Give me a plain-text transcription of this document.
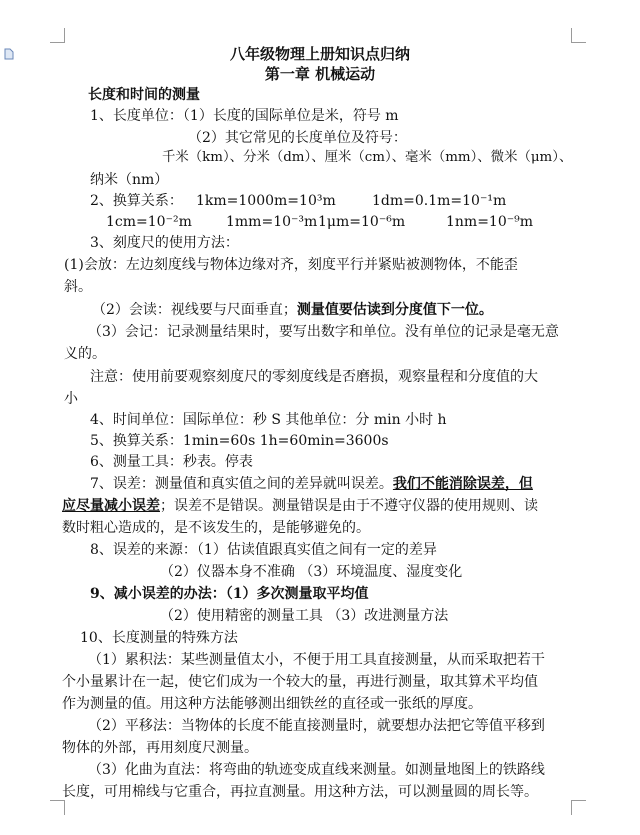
八年级物理上册知识点归纳
第一章 机械运动
长度和时间的测量
1、长度单位：（1）长度的国际单位是米，符号 m
（2）其它常见的长度单位及符号：
千米（km）、分米（dm）、厘米（cm）、毫米（mm）、微米（μm）、
纳米（nm）
2、换算关系： 1km=1000m=10³m	1dm=0.1m=10⁻¹m
1cm=10⁻²m	1mm=10⁻³m 1μm=10⁻⁶m	1nm=10⁻⁹m
3、刻度尺的使用方法：
(1)会放：左边刻度线与物体边缘对齐，刻度平行并紧贴被测物体，不能歪
斜。
（2）会读：视线要与尺面垂直；测量值要估读到分度值下一位。
（3）会记：记录测量结果时，要写出数字和单位。没有单位的记录是毫无意
义的。
注意：使用前要观察刻度尺的零刻度线是否磨损，观察量程和分度值的大
小
4、时间单位：国际单位：秒 S 其他单位：分 min 小时 h
5、换算关系：1min=60s 1h=60min=3600s
6、测量工具：秒表。停表
7、误差：测量值和真实值之间的差异就叫误差。我们不能消除误差，但
应尽量减小误差；误差不是错误。测量错误是由于不遵守仪器的使用规则、读
数时粗心造成的，是不该发生的，是能够避免的。
8、误差的来源：（1）估读值跟真实值之间有一定的差异
（2）仪器本身不准确 （3）环境温度、湿度变化
9、减小误差的办法：（1）多次测量取平均值
（2）使用精密的测量工具 （3）改进测量方法
10、长度测量的特殊方法
（1）累积法：某些测量值太小，不便于用工具直接测量，从而采取把若干
个小量累计在一起，使它们成为一个较大的量，再进行测量，取其算术平均值
作为测量的值。用这种方法能够测出细铁丝的直径或一张纸的厚度。
（2）平移法：当物体的长度不能直接测量时，就要想办法把它等值平移到
物体的外部，再用刻度尺测量。
（3）化曲为直法：将弯曲的轨迹变成直线来测量。如测量地图上的铁路线
长度，可用棉线与它重合，再拉直测量。用这种方法，可以测量圆的周长等。
